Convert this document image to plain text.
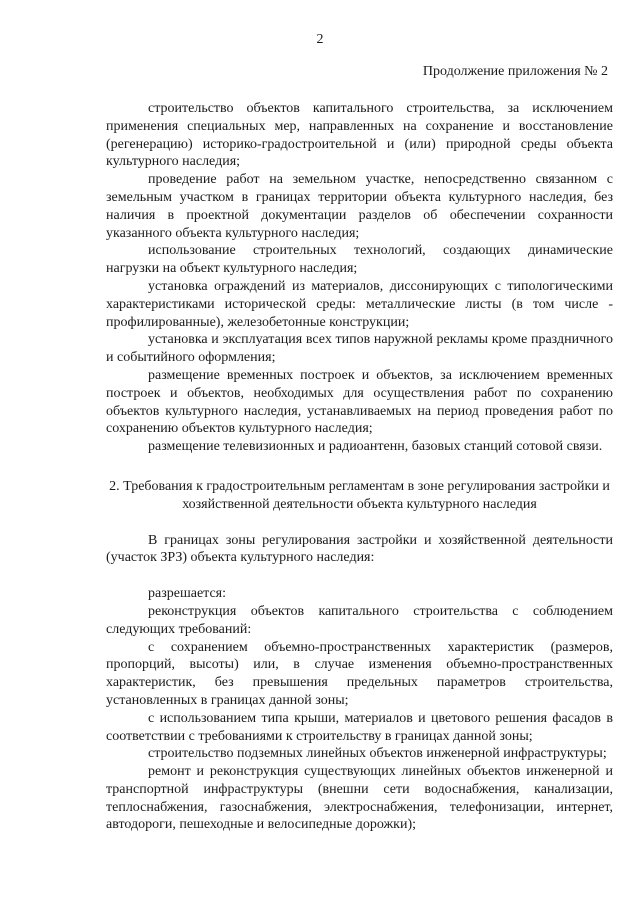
2
Продолжение приложения № 2

строительство объектов капитального строительства, за исключением применения специальных мер, направленных на сохранение и восстановление (регенерацию) историко-градостроительной и (или) природной среды объекта культурного наследия;

проведение работ на земельном участке, непосредственно связанном с земельным участком в границах территории объекта культурного наследия, без наличия в проектной документации разделов об обеспечении сохранности указанного объекта культурного наследия;

использование строительных технологий, создающих динамические нагрузки на объект культурного наследия;

установка ограждений из материалов, диссонирующих с типологическими характеристиками исторической среды: металлические листы (в том числе - профилированные), железобетонные конструкции;

установка и эксплуатация всех типов наружной рекламы кроме праздничного и событийного оформления;

размещение временных построек и объектов, за исключением временных построек и объектов, необходимых для осуществления работ по сохранению объектов культурного наследия, устанавливаемых на период проведения работ по сохранению объектов культурного наследия;

размещение телевизионных и радиоантенн, базовых станций сотовой связи.

2. Требования к градостроительным регламентам в зоне регулирования застройки и хозяйственной деятельности объекта культурного наследия

В границах зоны регулирования застройки и хозяйственной деятельности (участок ЗРЗ) объекта культурного наследия:

разрешается:

реконструкция объектов капитального строительства с соблюдением следующих требований:

с сохранением объемно-пространственных характеристик (размеров, пропорций, высоты) или, в случае изменения объемно-пространственных характеристик, без превышения предельных параметров строительства, установленных в границах данной зоны;

с использованием типа крыши, материалов и цветового решения фасадов в соответствии с требованиями к строительству в границах данной зоны;

строительство подземных линейных объектов инженерной инфраструктуры;

ремонт и реконструкция существующих линейных объектов инженерной и транспортной инфраструктуры (внешни сети водоснабжения, канализации, теплоснабжения, газоснабжения, электроснабжения, телефонизации, интернет, автодороги, пешеходные и велосипедные дорожки);
